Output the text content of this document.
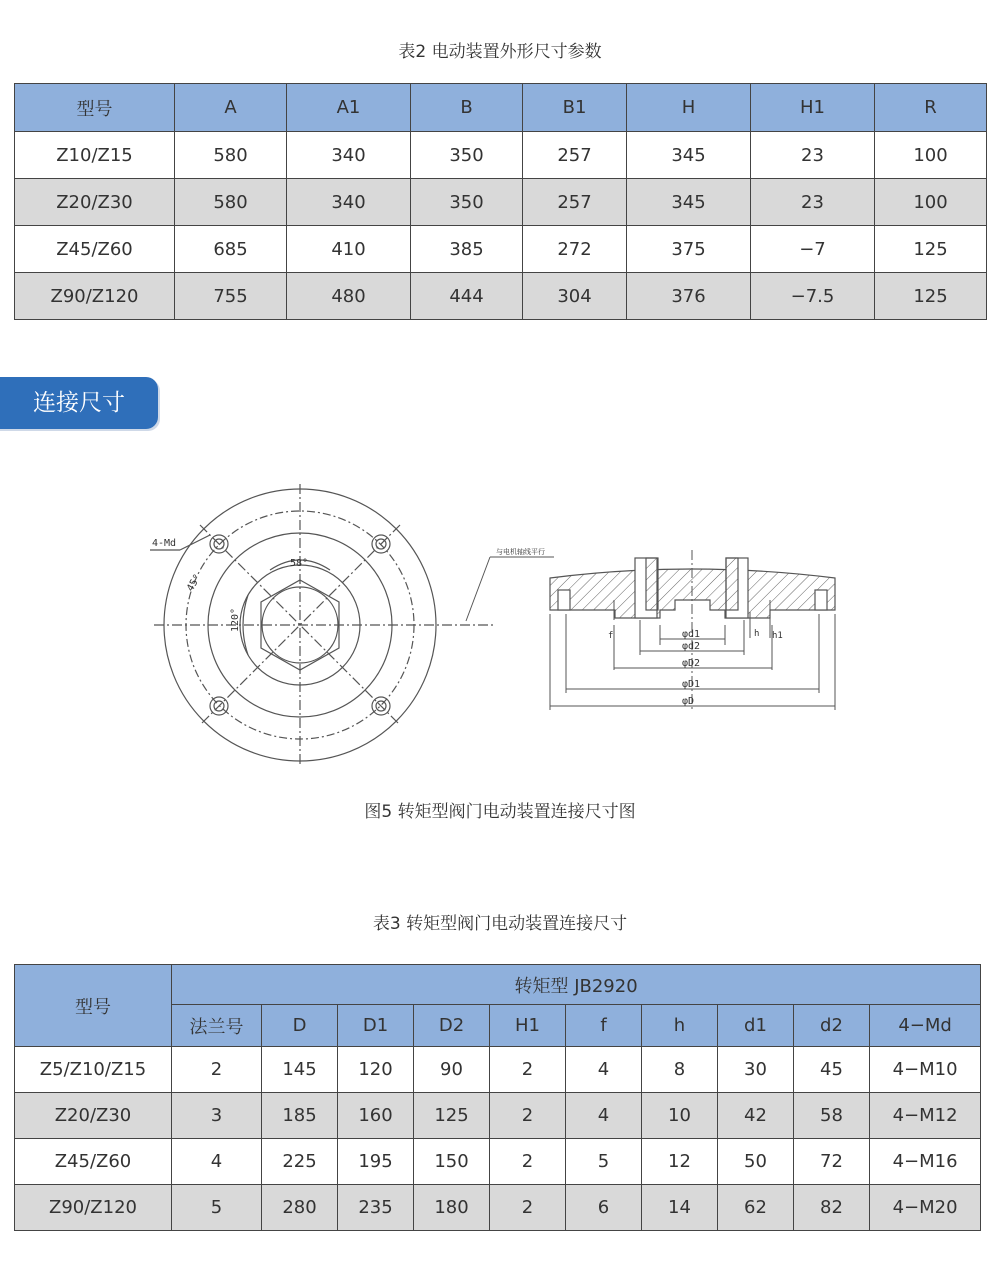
表2 电动装置外形尺寸参数
型号	A	A1	B	B1	H	H1	R
Z10/Z15	580	340	350	257	345	23	100
Z20/Z30	580	340	350	257	345	23	100
Z45/Z60	685	410	385	272	375	−7	125
Z90/Z120	755	480	444	304	376	−7.5	125
连接尺寸
4-Md
45°
58°
120°
与电机轴线平行
f	h h1
φd1
φd2
φD2
φD1
φD
图5 转矩型阀门电动装置连接尺寸图
表3 转矩型阀门电动装置连接尺寸
型号	转矩型 JB2920									
	法兰号	D	D1	D2	H1	f	h	d1	d2	4−Md
Z5/Z10/Z15	2	145	120	90	2	4	8	30	45	4−M10
Z20/Z30	3	185	160	125	2	4	10	42	58	4−M12
Z45/Z60	4	225	195	150	2	5	12	50	72	4−M16
Z90/Z120	5	280	235	180	2	6	14	62	82	4−M20
